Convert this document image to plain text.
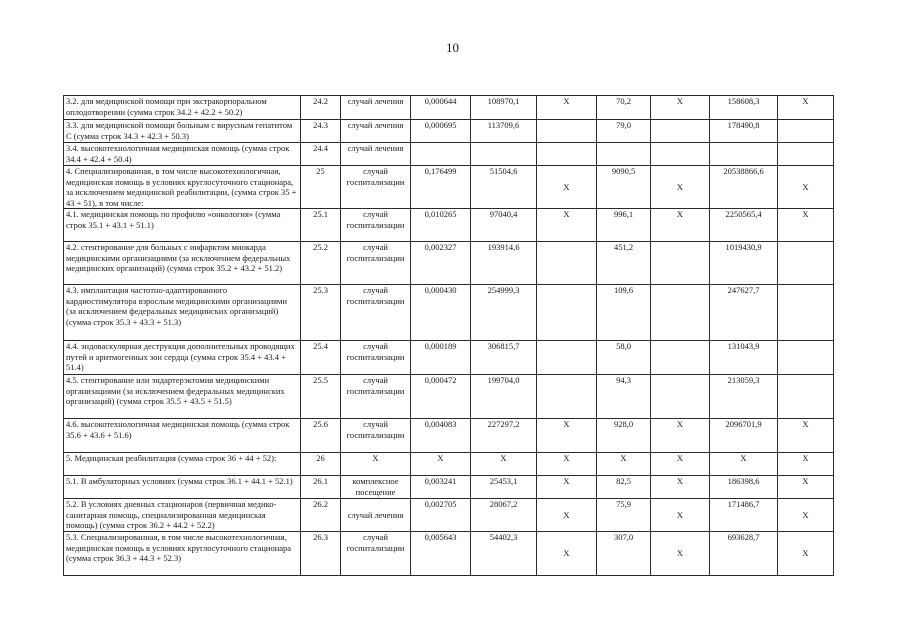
10
3.2. для медицинской помощи при экстракорпоральном оплодотворении (сумма строк 34.2 + 42.2 + 50.2)	24.2	случай лечения	0,000644	108970,1	X	70,2	X	158608,3	X
3.3. для медицинской помощи больным с вирусным гепатитом С (сумма строк 34.3 + 42.3 + 50.3)	24.3	случай лечения	0,000695	113709,6		79,0		178490,8	
3.4. высокотехнологичная медицинская помощь (сумма строк 34.4 + 42.4 + 50.4)	24.4	случай лечения							
4. Специализированная, в том числе высокотехнологичная, медицинская помощь в условиях круглосуточного стационара, за исключением медицинской реабилитации, (сумма строк 35 + 43 + 51), в том числе:	25	случай госпитализации	0,176499	51504,6	X	9090,5	X	20538866,6	X
4.1. медицинская помощь по профилю «онкология» (сумма строк 35.1 + 43.1 + 51.1)	25.1	случай госпитализации	0,010265	97040,4	X	996,1	X	2250565,4	X
4.2. стентирование для больных с инфарктом миокарда медицинскими организациями (за исключением федеральных медицинских организаций) (сумма строк 35.2 + 43.2 + 51.2)	25.2	случай госпитализации	0,002327	193914,6		451,2		1019430,9	
4.3. имплантация частотно-адаптированного кардиостимулятора взрослым медицинскими организациями (за исключением федеральных медицинских организаций) (сумма строк 35.3 + 43.3 + 51.3)	25.3	случай госпитализации	0,000430	254999,3		109,6		247627,7	
4.4. эндоваскулярная деструкция дополнительных проводящих путей и аритмогенных зон сердца (сумма строк 35.4 + 43.4 + 51.4)	25.4	случай госпитализации	0,000189	306815,7		58,0		131043,9	
4.5. стентирование или эндартерэктомия медицинскими организациями (за исключением федеральных медицинских организаций) (сумма строк 35.5 + 43.5 + 51.5)	25.5	случай госпитализации	0,000472	199704,0		94,3		213059,3	
4.6. высокотехнологичная медицинская помощь (сумма строк 35.6 + 43.6 + 51.6)	25.6	случай госпитализации	0,004083	227297,2	X	928,0	X	2096701,9	X
5. Медицинская реабилитация (сумма строк 36 + 44 + 52):	26	X	X	X	X	X	X	X	X
5.1. В амбулаторных условиях (сумма строк 36.1 + 44.1 + 52.1)	26.1	комплексное посещение	0,003241	25453,1	X	82,5	X	186398,6	X
5.2. В условиях дневных стационаров (первичная медико-санитарная помощь, специализированная медицинская помощь) (сумма строк 36.2 + 44.2 + 52.2)	26.2	случай лечения	0,002705	28067,2	X	75,9	X	171486,7	X
5.3. Специализированная, в том числе высокотехнологичная, медицинская помощь в условиях круглосуточного стационара (сумма строк 36.3 + 44.3 + 52.3)	26.3	случай госпитализации	0,005643	54402,3	X	307,0	X	693628,7	X
